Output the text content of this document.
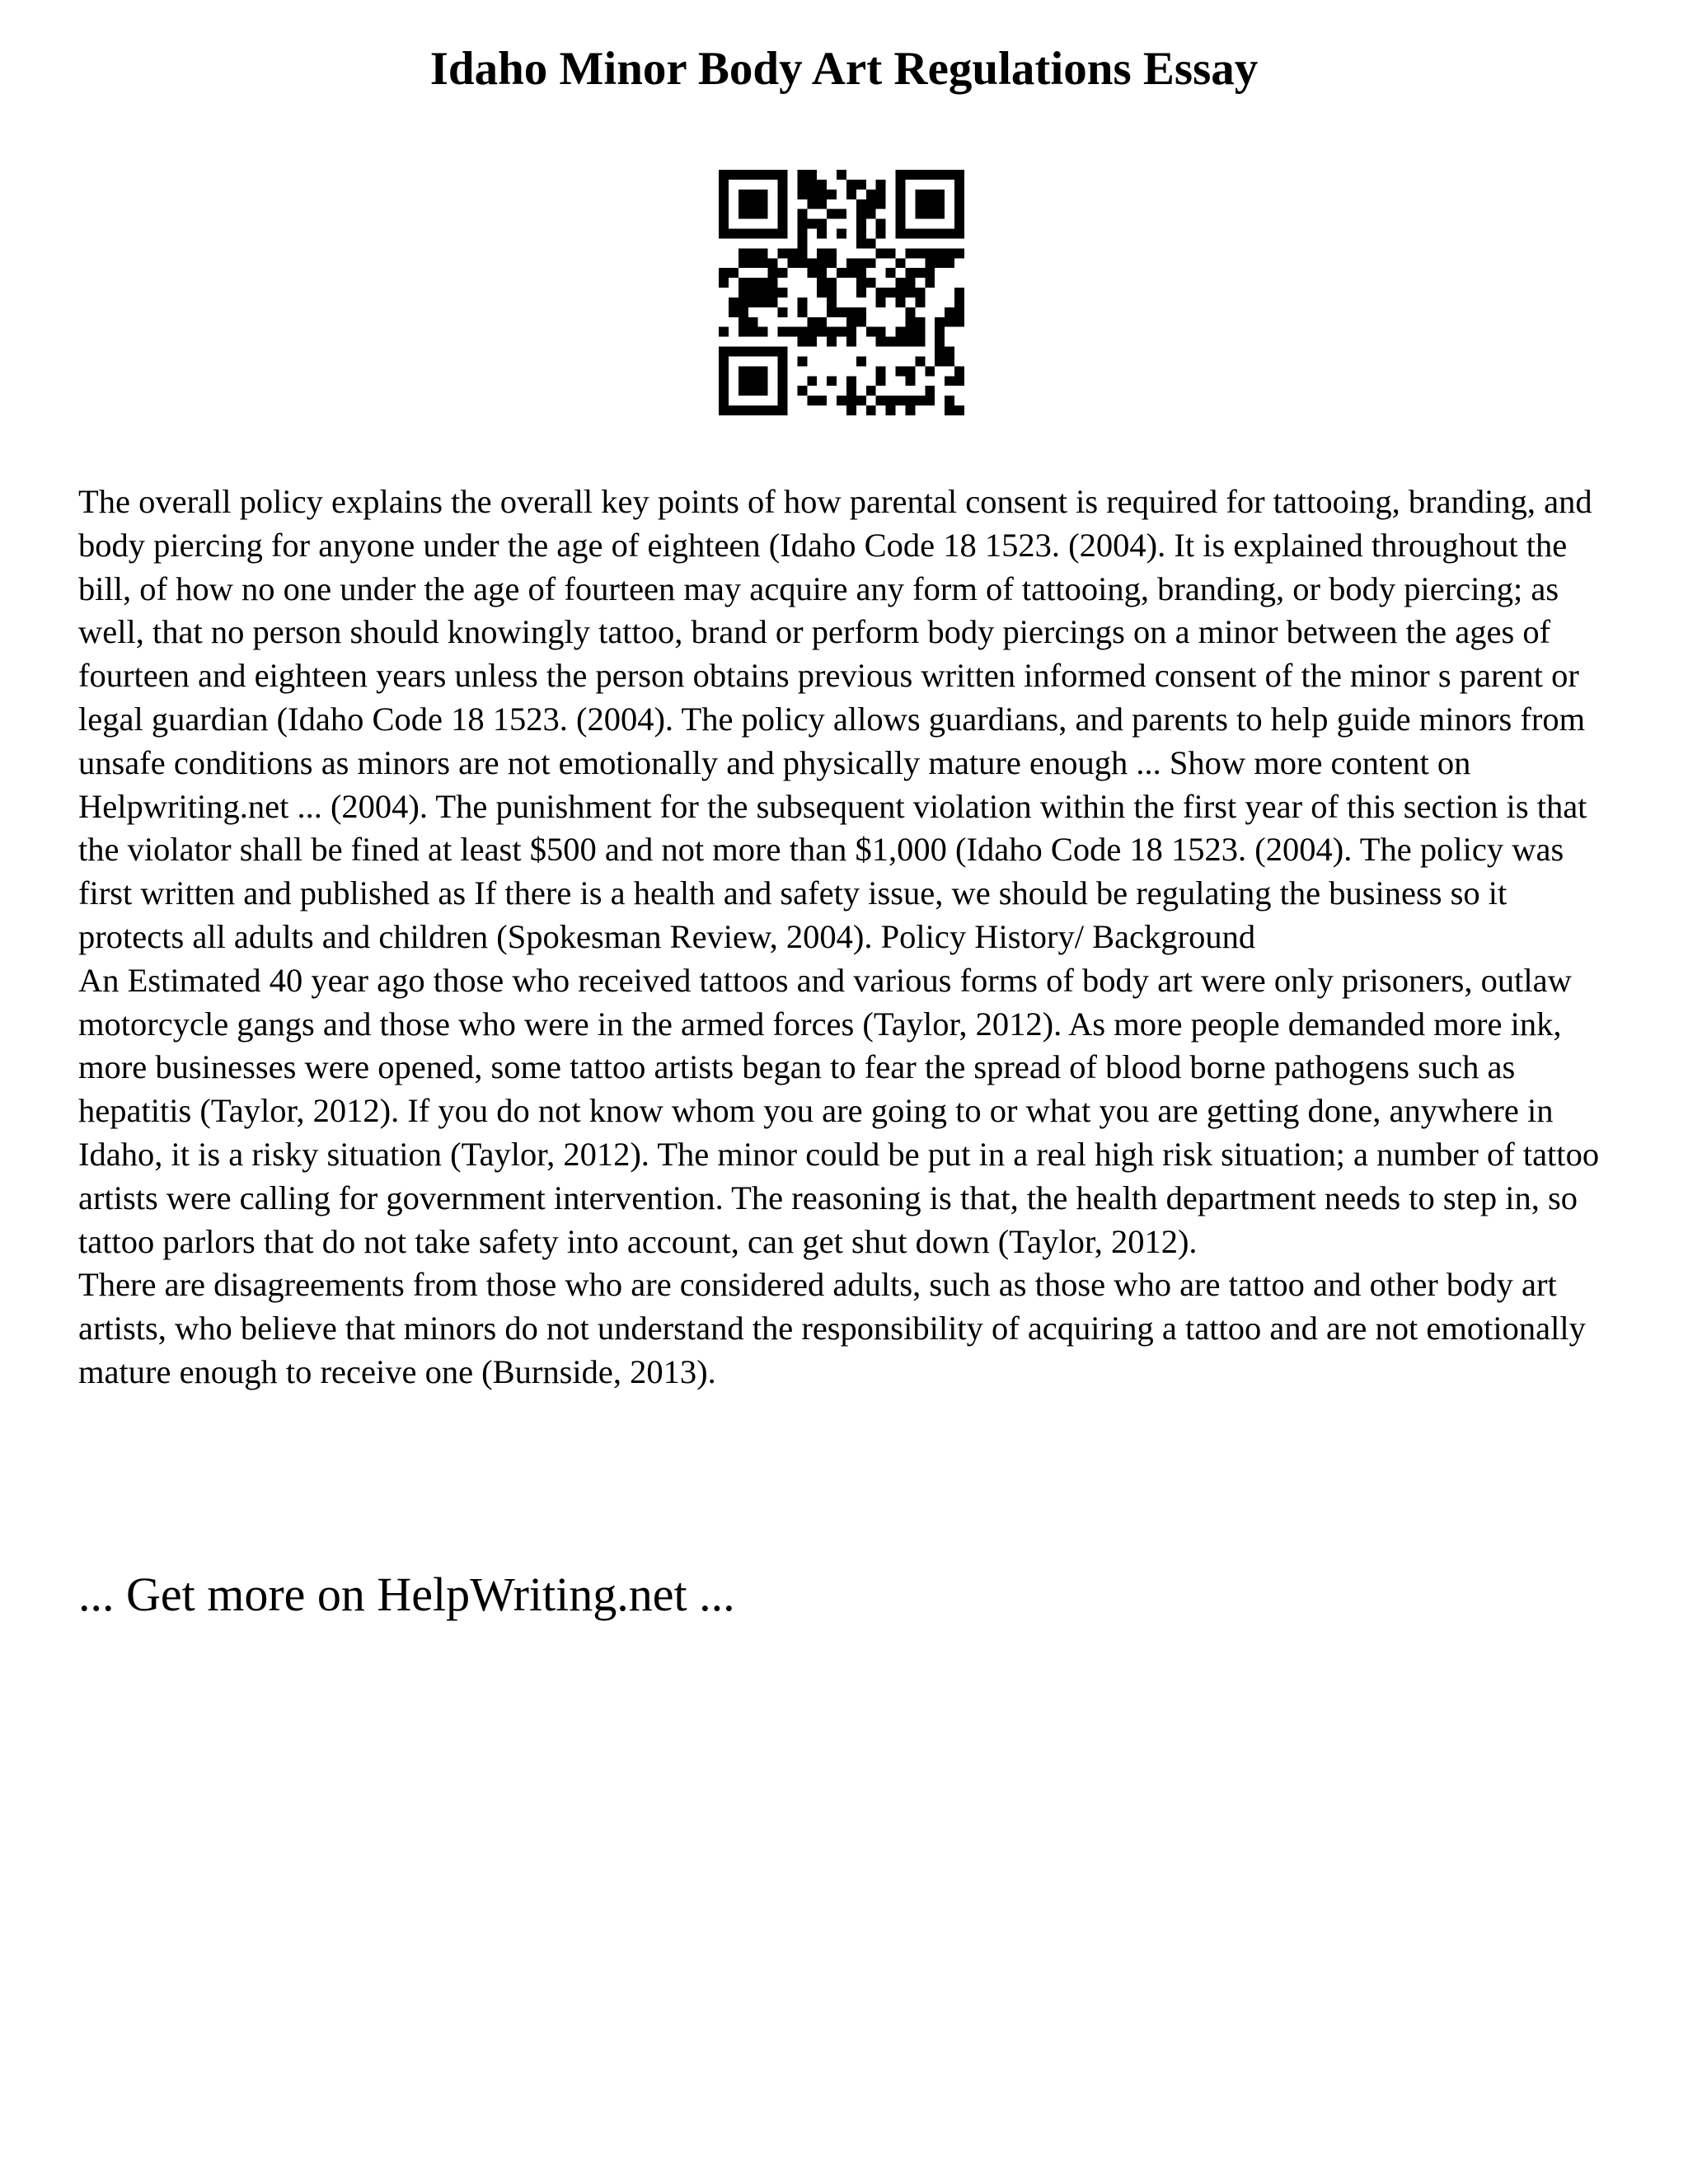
Idaho Minor Body Art Regulations Essay

The overall policy explains the overall key points of how parental consent is required for tattooing, branding, and body piercing for anyone under the age of eighteen (Idaho Code 18 1523. (2004). It is explained throughout the bill, of how no one under the age of fourteen may acquire any form of tattooing, branding, or body piercing; as well, that no person should knowingly tattoo, brand or perform body piercings on a minor between the ages of fourteen and eighteen years unless the person obtains previous written informed consent of the minor s parent or legal guardian (Idaho Code 18 1523. (2004). The policy allows guardians, and parents to help guide minors from unsafe conditions as minors are not emotionally and physically mature enough ... Show more content on Helpwriting.net ... (2004). The punishment for the subsequent violation within the first year of this section is that the violator shall be fined at least $500 and not more than $1,000 (Idaho Code 18 1523. (2004). The policy was first written and published as If there is a health and safety issue, we should be regulating the business so it protects all adults and children (Spokesman Review, 2004). Policy History/ Background

An Estimated 40 year ago those who received tattoos and various forms of body art were only prisoners, outlaw motorcycle gangs and those who were in the armed forces (Taylor, 2012). As more people demanded more ink, more businesses were opened, some tattoo artists began to fear the spread of blood borne pathogens such as hepatitis (Taylor, 2012). If you do not know whom you are going to or what you are getting done, anywhere in Idaho, it is a risky situation (Taylor, 2012). The minor could be put in a real high risk situation; a number of tattoo artists were calling for government intervention. The reasoning is that, the health department needs to step in, so tattoo parlors that do not take safety into account, can get shut down (Taylor, 2012).

There are disagreements from those who are considered adults, such as those who are tattoo and other body art artists, who believe that minors do not understand the responsibility of acquiring a tattoo and are not emotionally mature enough to receive one (Burnside, 2013).

... Get more on HelpWriting.net ...
